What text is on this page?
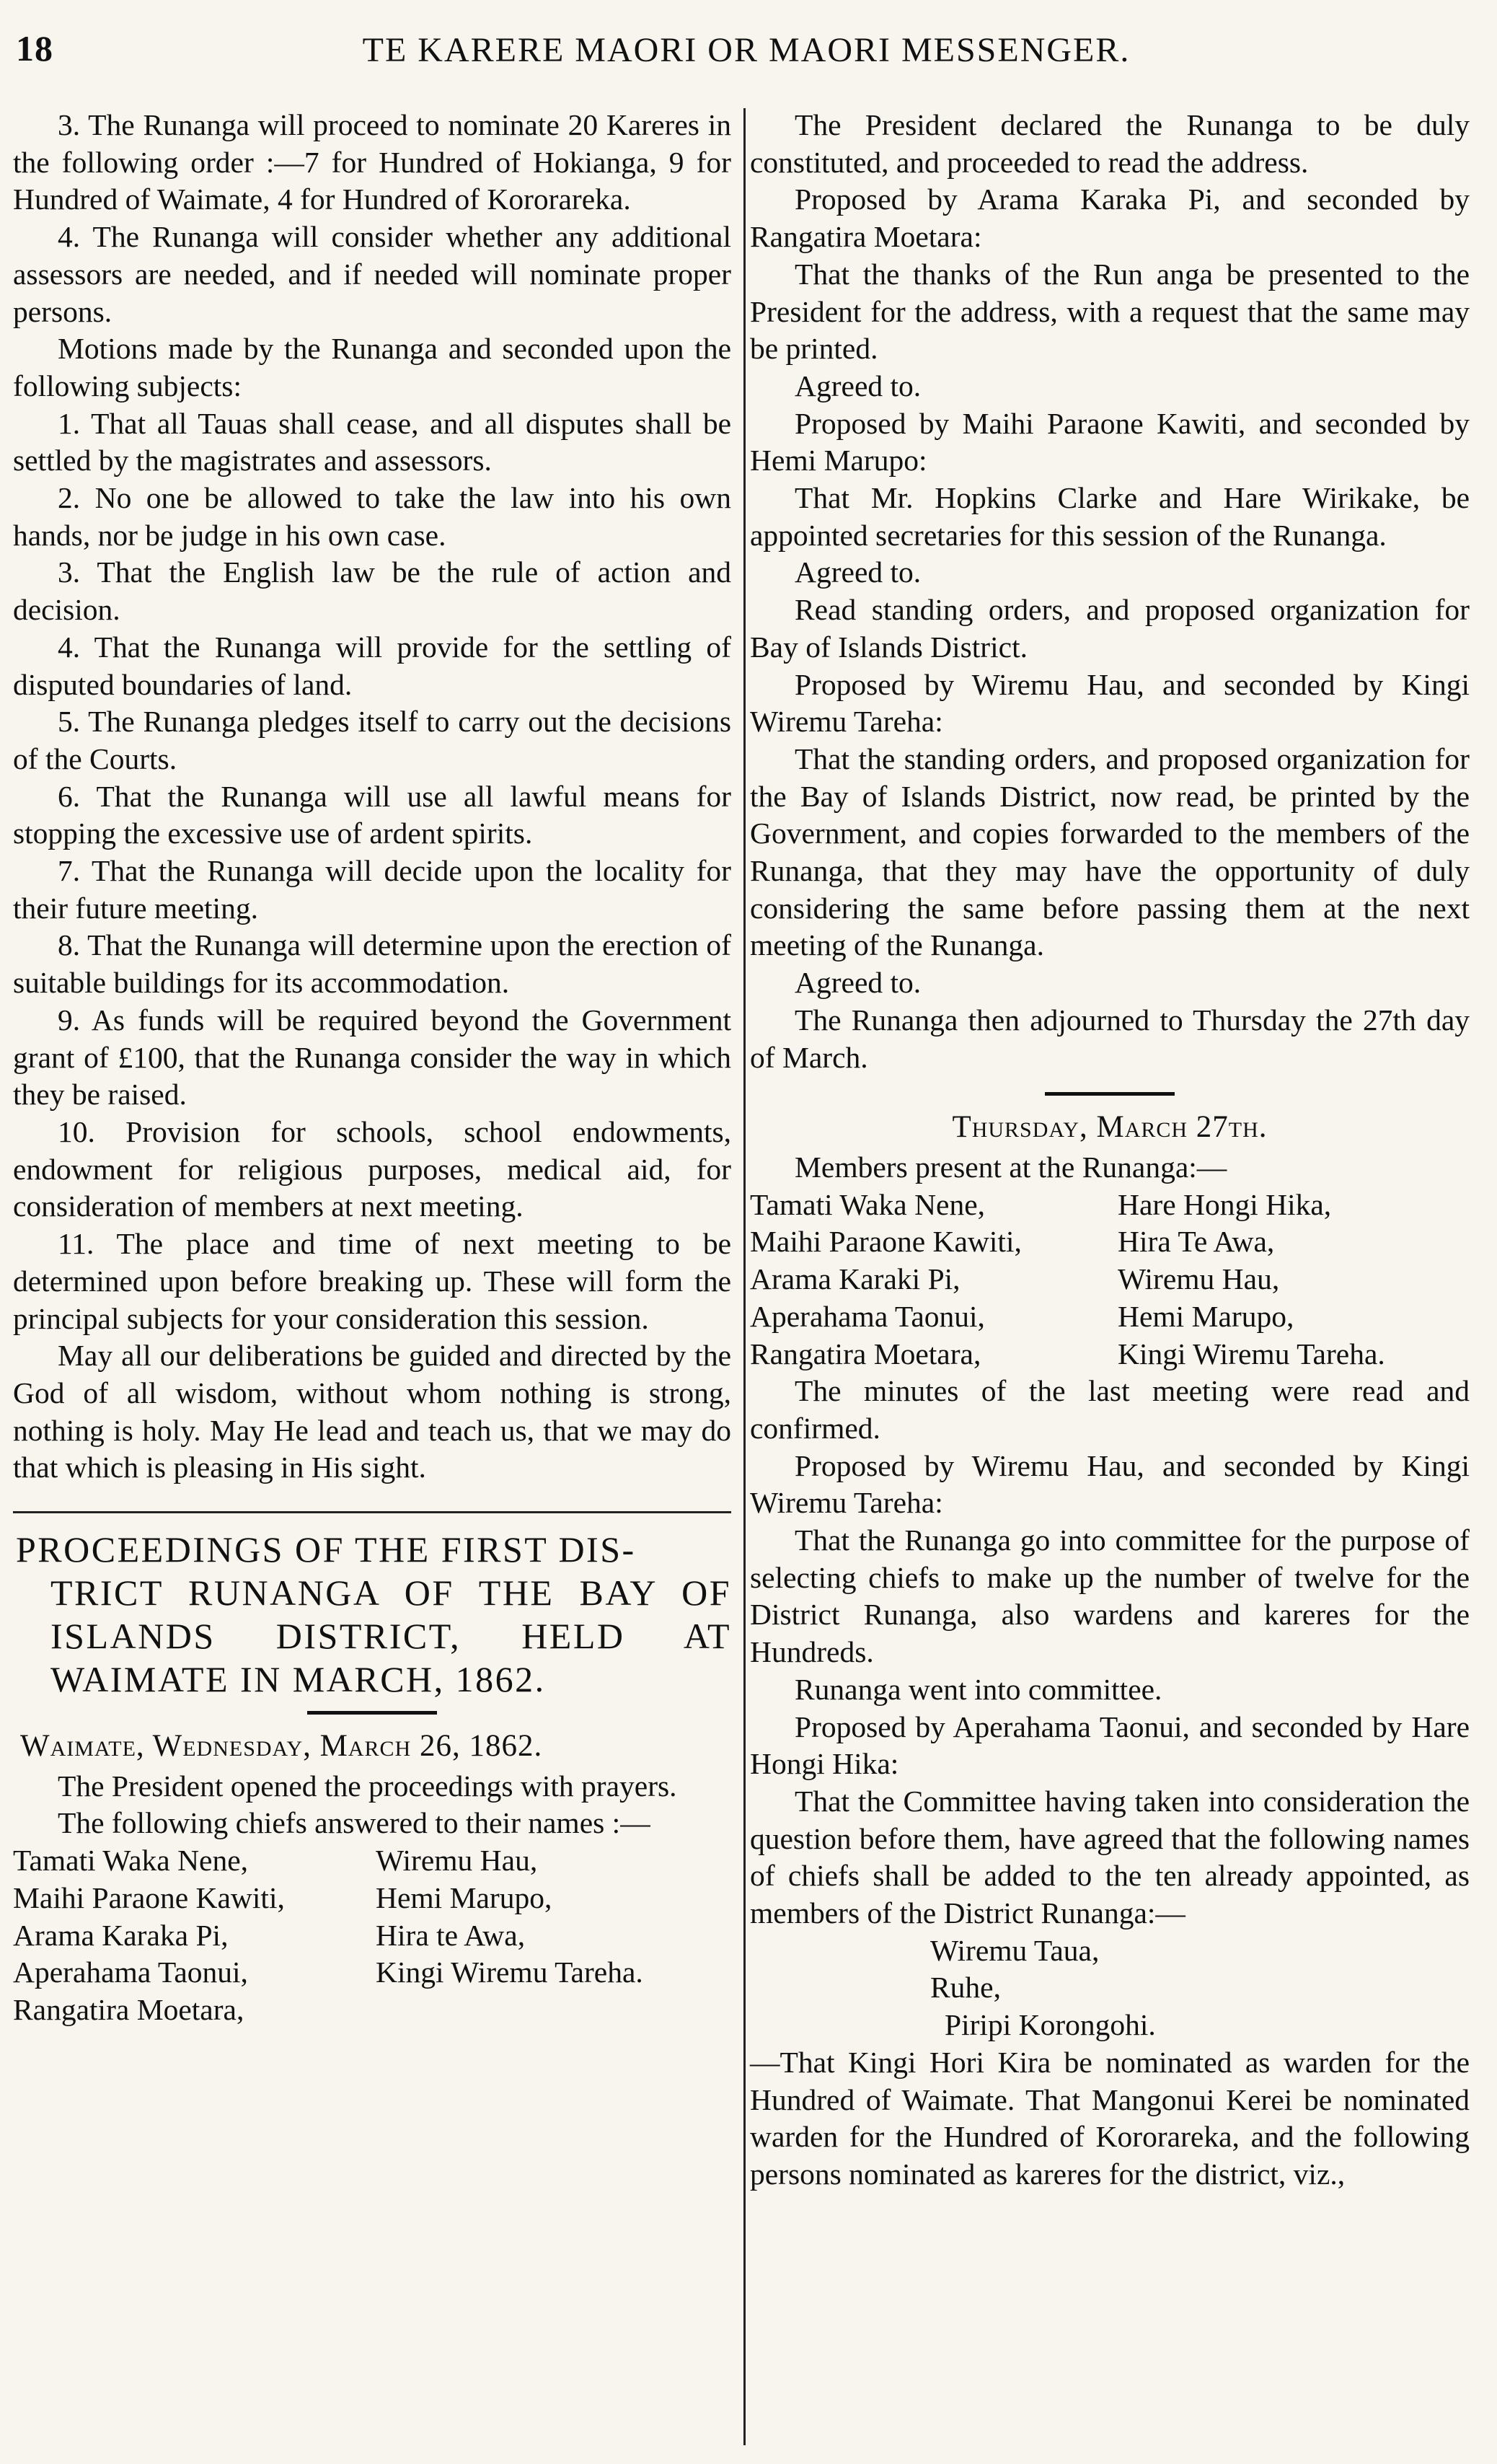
18	TE KARERE MAORI OR MAORI MESSENGER.

3. The Runanga will proceed to nominate 20 Kareres in the following order :—7 for Hundred of Hokianga, 9 for Hundred of Waimate, 4 for Hundred of Kororareka.

4. The Runanga will consider whether any additional assessors are needed, and if needed will nominate proper persons.

Motions made by the Runanga and seconded upon the following subjects:

1. That all Tauas shall cease, and all disputes shall be settled by the magistrates and assessors.

2. No one be allowed to take the law into his own hands, nor be judge in his own case.

3. That the English law be the rule of action and decision.

4. That the Runanga will provide for the settling of disputed boundaries of land.

5. The Runanga pledges itself to carry out the decisions of the Courts.

6. That the Runanga will use all lawful means for stopping the excessive use of ardent spirits.

7. That the Runanga will decide upon the locality for their future meeting.

8. That the Runanga will determine upon the erection of suitable buildings for its accommodation.

9. As funds will be required beyond the Government grant of £100, that the Runanga consider the way in which they be raised.

10. Provision for schools, school endowments, endowment for religious purposes, medical aid, for consideration of members at next meeting.

11. The place and time of next meeting to be determined upon before breaking up. These will form the principal subjects for your consideration this session.

May all our deliberations be guided and directed by the God of all wisdom, without whom nothing is strong, nothing is holy. May He lead and teach us, that we may do that which is pleasing in His sight.

PROCEEDINGS OF THE FIRST DIS-
TRICT RUNANGA OF THE BAY OF ISLANDS DISTRICT, HELD AT WAIMATE IN MARCH, 1862.
Waimate, Wednesday, March 26, 1862.

The President opened the proceedings with prayers.

The following chiefs answered to their names :—

Tamati Waka Nene,	Wiremu Hau,
Maihi Paraone Kawiti,	Hemi Marupo,
Arama Karaka Pi,	Hira te Awa,
Aperahama Taonui,	Kingi Wiremu Tareha.
Rangatira Moetara,

The President declared the Runanga to be duly constituted, and proceeded to read the address.

Proposed by Arama Karaka Pi, and seconded by Rangatira Moetara:

That the thanks of the Run anga be presented to the President for the address, with a request that the same may be printed.

Agreed to.

Proposed by Maihi Paraone Kawiti, and seconded by Hemi Marupo:

That Mr. Hopkins Clarke and Hare Wirikake, be appointed secretaries for this session of the Runanga.

Agreed to.

Read standing orders, and proposed organization for Bay of Islands District.

Proposed by Wiremu Hau, and seconded by Kingi Wiremu Tareha:

That the standing orders, and proposed organization for the Bay of Islands District, now read, be printed by the Government, and copies forwarded to the members of the Runanga, that they may have the opportunity of duly considering the same before passing them at the next meeting of the Runanga.

Agreed to.

The Runanga then adjourned to Thursday the 27th day of March.

Thursday, March 27th.

Members present at the Runanga:—

Tamati Waka Nene,	Hare Hongi Hika,
Maihi Paraone Kawiti,	Hira Te Awa,
Arama Karaki Pi,	Wiremu Hau,
Aperahama Taonui,	Hemi Marupo,
Rangatira Moetara,	Kingi Wiremu Tareha.

The minutes of the last meeting were read and confirmed.

Proposed by Wiremu Hau, and seconded by Kingi Wiremu Tareha:

That the Runanga go into committee for the purpose of selecting chiefs to make up the number of twelve for the District Runanga, also wardens and kareres for the Hundreds.

Runanga went into committee.

Proposed by Aperahama Taonui, and seconded by Hare Hongi Hika:

That the Committee having taken into consideration the question before them, have agreed that the following names of chiefs shall be added to the ten already appointed, as members of the District Runanga:—

Wiremu Taua,
Ruhe,
Piripi Korongohi.

—That Kingi Hori Kira be nominated as warden for the Hundred of Waimate. That Mangonui Kerei be nominated warden for the Hundred of Kororareka, and the following persons nominated as kareres for the district, viz.,
